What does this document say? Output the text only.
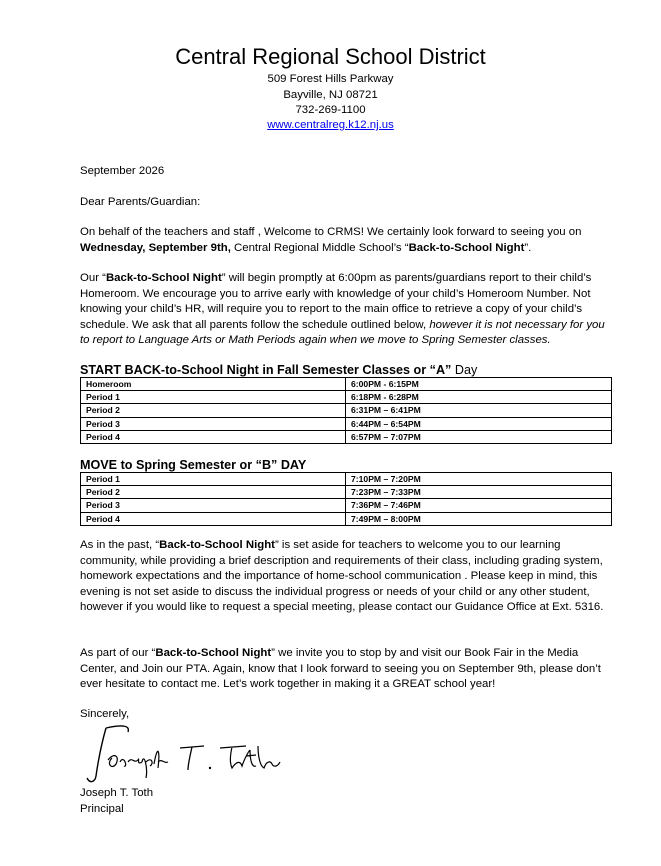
Central Regional School District
509 Forest Hills Parkway
Bayville, NJ 08721
732-269-1100
www.centralreg.k12.nj.us
September 2026
Dear Parents/Guardian:
On behalf of the teachers and staff , Welcome to CRMS! We certainly look forward to seeing you on Wednesday, September 9th, Central Regional Middle School’s “Back-to-School Night”.
Our “Back-to-School Night” will begin promptly at 6:00pm as parents/guardians report to their child’s Homeroom. We encourage you to arrive early with knowledge of your child’s Homeroom Number. Not knowing your child’s HR, will require you to report to the main office to retrieve a copy of your child’s schedule. We ask that all parents follow the schedule outlined below, however it is not necessary for you to report to Language Arts or Math Periods again when we move to Spring Semester classes.
START BACK-to-School Night in Fall Semester Classes or “A” Day
Homeroom	6:00PM - 6:15PM
Period 1	6:18PM - 6:28PM
Period 2	6:31PM – 6:41PM
Period 3	6:44PM – 6:54PM
Period 4	6:57PM – 7:07PM
MOVE to Spring Semester or “B” DAY
Period 1	7:10PM – 7:20PM
Period 2	7:23PM – 7:33PM
Period 3	7:36PM – 7:46PM
Period 4	7:49PM – 8:00PM
As in the past, “Back-to-School Night” is set aside for teachers to welcome you to our learning community, while providing a brief description and requirements of their class, including grading system, homework expectations and the importance of home-school communication . Please keep in mind, this evening is not set aside to discuss the individual progress or needs of your child or any other student, however if you would like to request a special meeting, please contact our Guidance Office at Ext. 5316.
As part of our “Back-to-School Night” we invite you to stop by and visit our Book Fair in the Media Center, and Join our PTA. Again, know that I look forward to seeing you on September 9th, please don’t ever hesitate to contact me. Let’s work together in making it a GREAT school year!
Sincerely,
Joseph T. Toth
Principal
